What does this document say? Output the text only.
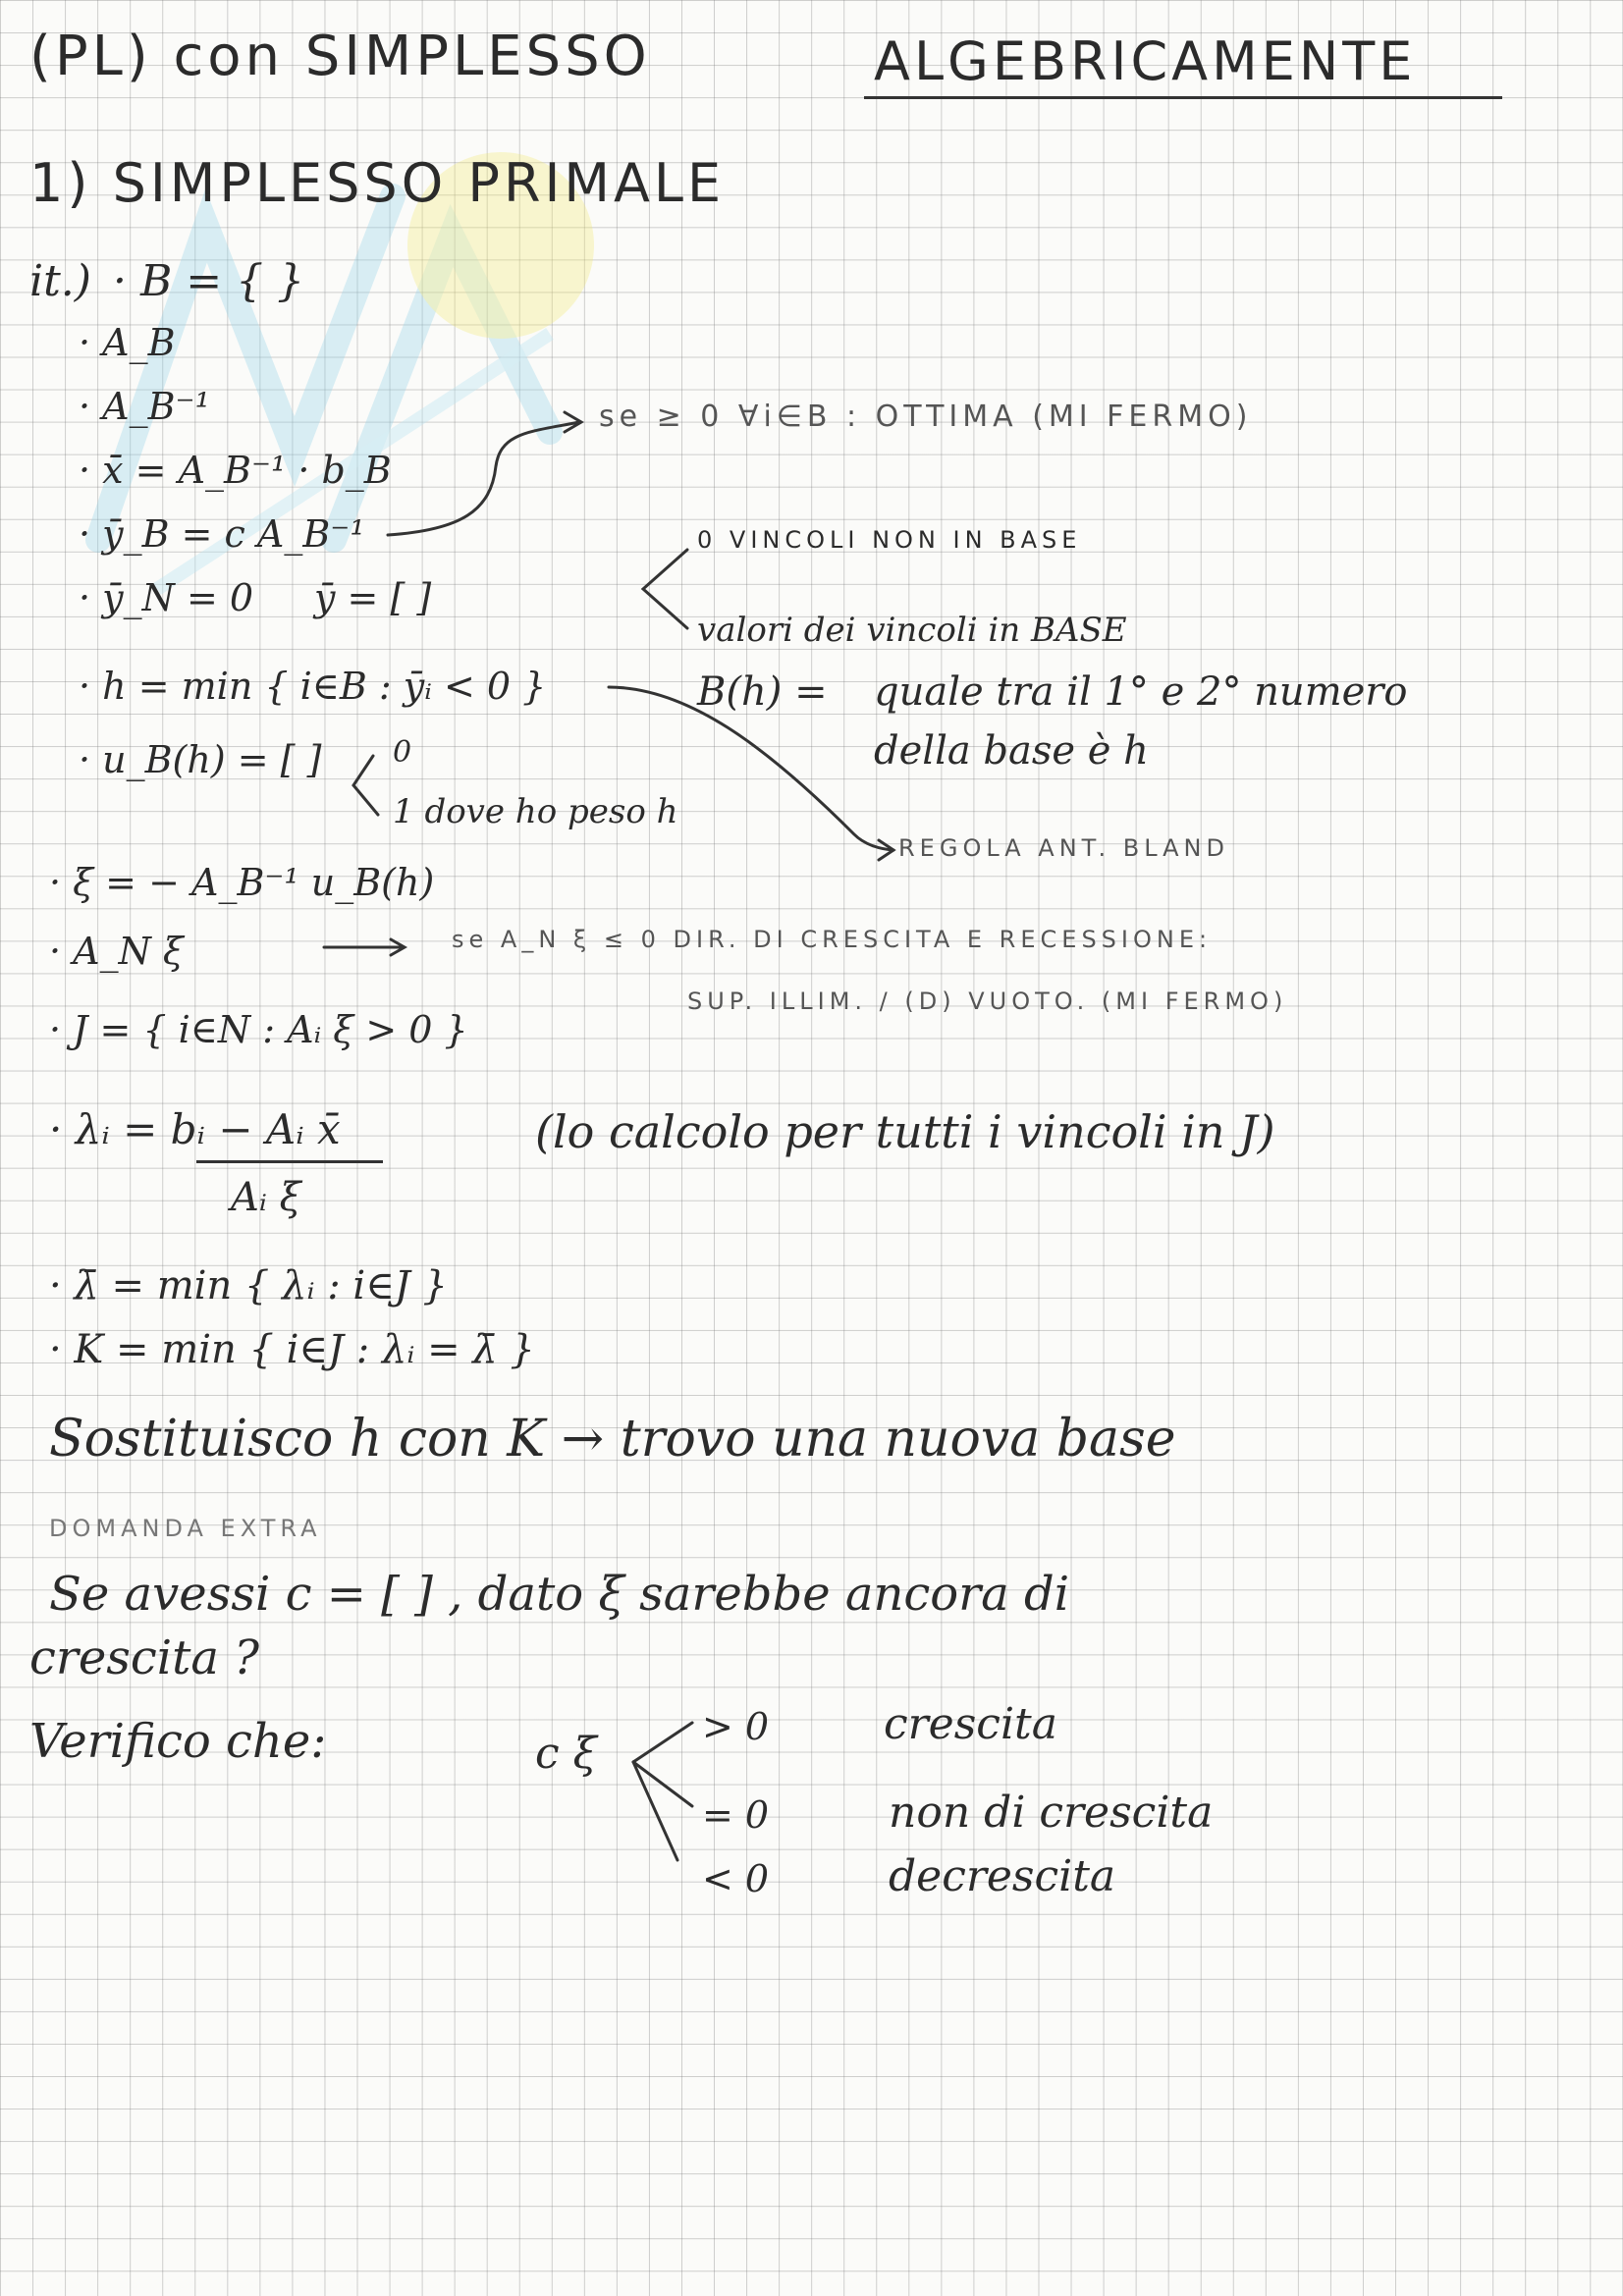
(PL) con SIMPLESSO	ALGEBRICAMENTE
1) SIMPLESSO PRIMALE
it.) · B = { }
· A_B
· A_B⁻¹
· x̄ = A_B⁻¹ · b_B
· ȳ_B = c A_B⁻¹
· ȳ_N = 0 ȳ = [ ]
· h = min { i∈B : ȳᵢ < 0 }
· u_B(h) = [ ] 0
1 dove ho peso h
· ξ = − A_B⁻¹ u_B(h)
· A_N ξ
· J = { i∈N : Aᵢ ξ > 0 }
· λᵢ = bᵢ − Aᵢ x̄
Aᵢ ξ
(lo calcolo per tutti i vincoli in J)
· λ̄ = min { λᵢ : i∈J }
· K = min { i∈J : λᵢ = λ̄ }
Sostituisco h con K → trovo una nuova base
se ≥ 0 ∀i∈B : OTTIMA (MI FERMO)
0 VINCOLI NON IN BASE
valori dei vincoli in BASE
B(h) = quale tra il 1° e 2° numero
della base è h
REGOLA ANT. BLAND
se A_N ξ ≤ 0 DIR. DI CRESCITA E RECESSIONE:
SUP. ILLIM. / (D) VUOTO. (MI FERMO)
DOMANDA EXTRA
Se avessi c = [ ] , dato ξ sarebbe ancora di
crescita ?
Verifico che:	c ξ
> 0	crescita
= 0	non di crescita
< 0	decrescita
